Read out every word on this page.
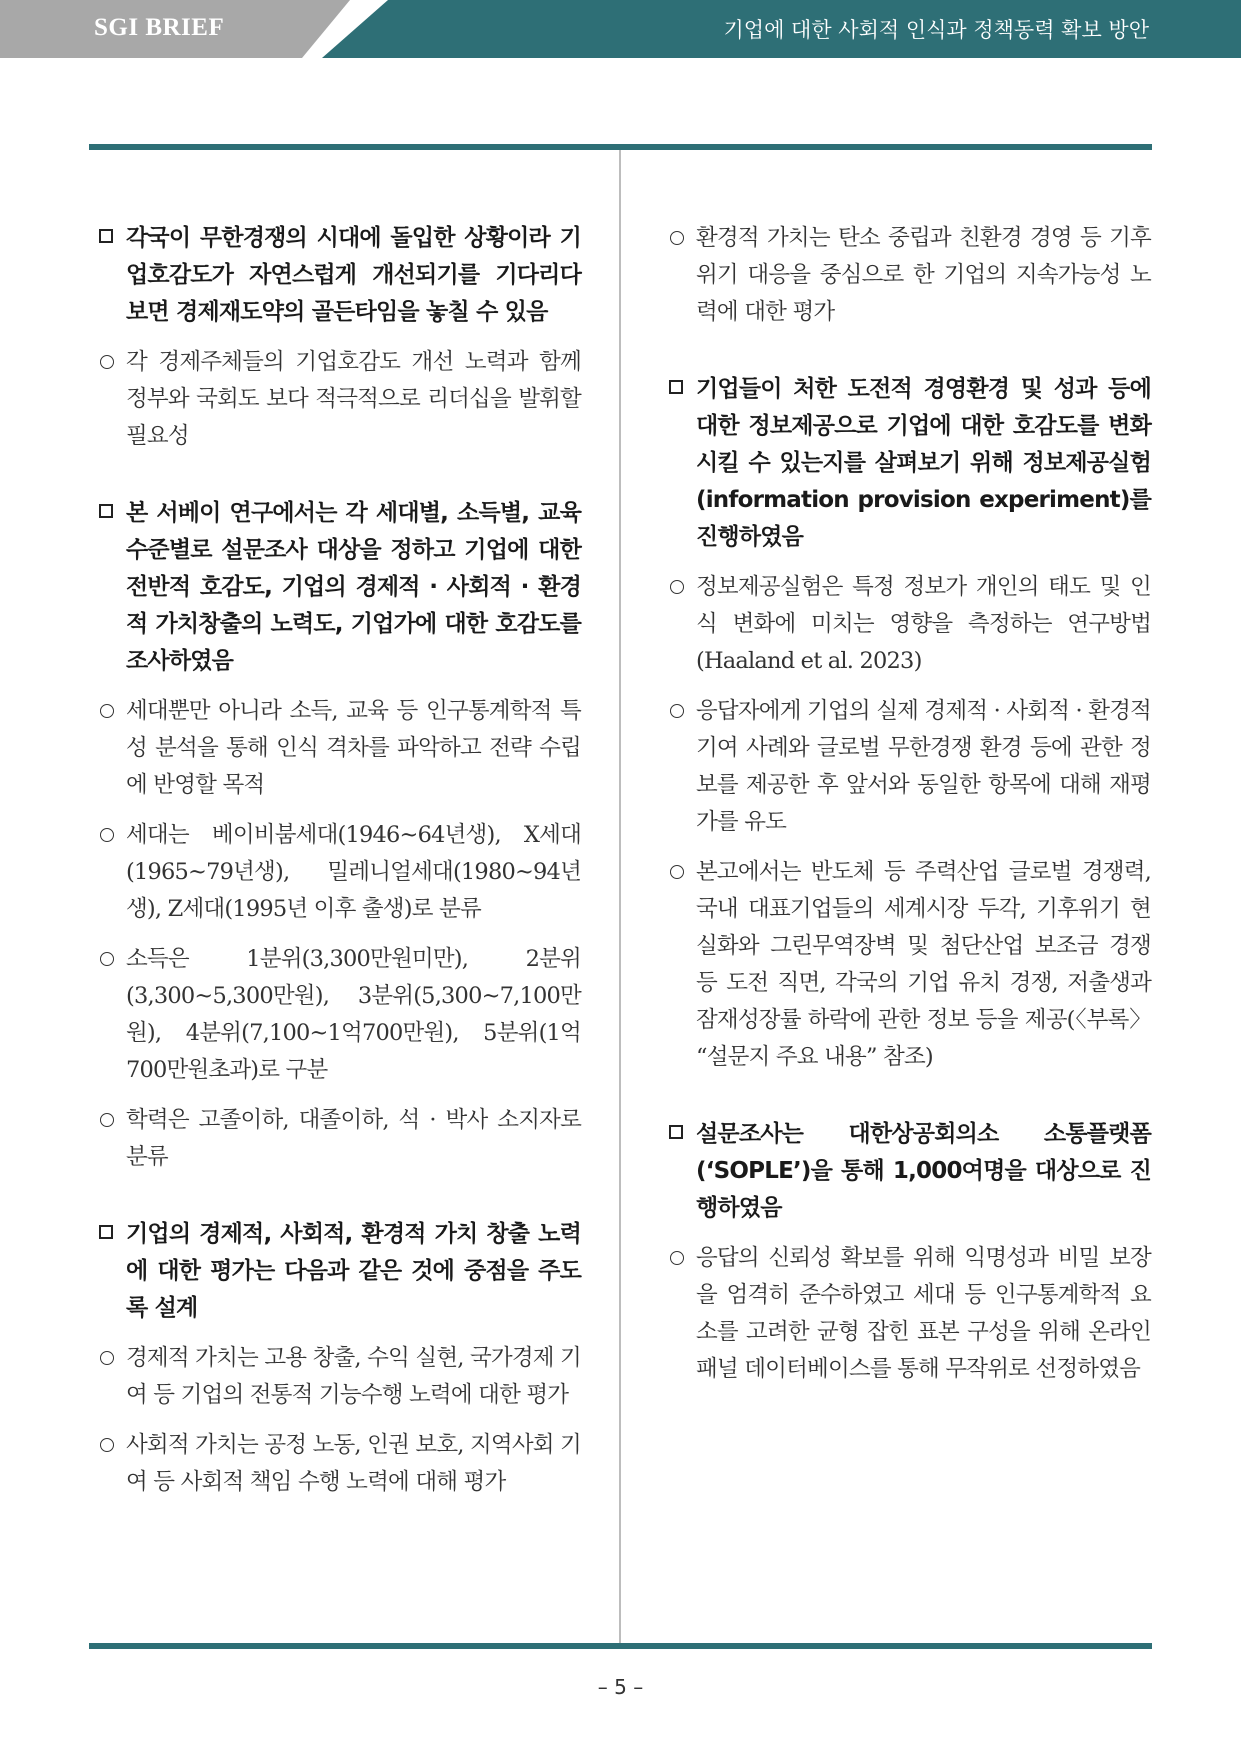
SGI BRIEF	기업에 대한 사회적 인식과 정책동력 확보 방안
각국이 무한경쟁의 시대에 돌입한 상황이라 기업호감도가 자연스럽게 개선되기를 기다리다 보면 경제재도약의 골든타임을 놓칠 수 있음
각 경제주체들의 기업호감도 개선 노력과 함께 정부와 국회도 보다 적극적으로 리더십을 발휘할 필요성
본 서베이 연구에서는 각 세대별, 소득별, 교육수준별로 설문조사 대상을 정하고 기업에 대한 전반적 호감도, 기업의 경제적 · 사회적 · 환경적 가치창출의 노력도, 기업가에 대한 호감도를 조사하였음
세대뿐만 아니라 소득, 교육 등 인구통계학적 특성 분석을 통해 인식 격차를 파악하고 전략 수립에 반영할 목적
세대는 베이비붐세대(1946~64년생), X세대(1965~79년생), 밀레니얼세대(1980~94년생), Z세대(1995년 이후 출생)로 분류
소득은 1분위(3,300만원미만), 2분위(3,300~5,300만원), 3분위(5,300~7,100만원), 4분위(7,100~1억700만원), 5분위(1억700만원초과)로 구분
학력은 고졸이하, 대졸이하, 석 · 박사 소지자로 분류
기업의 경제적, 사회적, 환경적 가치 창출 노력에 대한 평가는 다음과 같은 것에 중점을 주도록 설계
경제적 가치는 고용 창출, 수익 실현, 국가경제 기여 등 기업의 전통적 기능수행 노력에 대한 평가
사회적 가치는 공정 노동, 인권 보호, 지역사회 기여 등 사회적 책임 수행 노력에 대해 평가
환경적 가치는 탄소 중립과 친환경 경영 등 기후위기 대응을 중심으로 한 기업의 지속가능성 노력에 대한 평가
기업들이 처한 도전적 경영환경 및 성과 등에 대한 정보제공으로 기업에 대한 호감도를 변화시킬 수 있는지를 살펴보기 위해 정보제공실험(information provision experiment)를 진행하였음
정보제공실험은 특정 정보가 개인의 태도 및 인식 변화에 미치는 영향을 측정하는 연구방법(Haaland et al. 2023)
응답자에게 기업의 실제 경제적 · 사회적 · 환경적 기여 사례와 글로벌 무한경쟁 환경 등에 관한 정보를 제공한 후 앞서와 동일한 항목에 대해 재평가를 유도
본고에서는 반도체 등 주력산업 글로벌 경쟁력, 국내 대표기업들의 세계시장 두각, 기후위기 현실화와 그린무역장벽 및 첨단산업 보조금 경쟁 등 도전 직면, 각국의 기업 유치 경쟁, 저출생과 잠재성장률 하락에 관한 정보 등을 제공(〈부록〉 “설문지 주요 내용” 참조)
설문조사는 대한상공회의소 소통플랫폼(‘SOPLE’)을 통해 1,000여명을 대상으로 진행하였음
응답의 신뢰성 확보를 위해 익명성과 비밀 보장을 엄격히 준수하였고 세대 등 인구통계학적 요소를 고려한 균형 잡힌 표본 구성을 위해 온라인 패널 데이터베이스를 통해 무작위로 선정하였음
– 5 –
